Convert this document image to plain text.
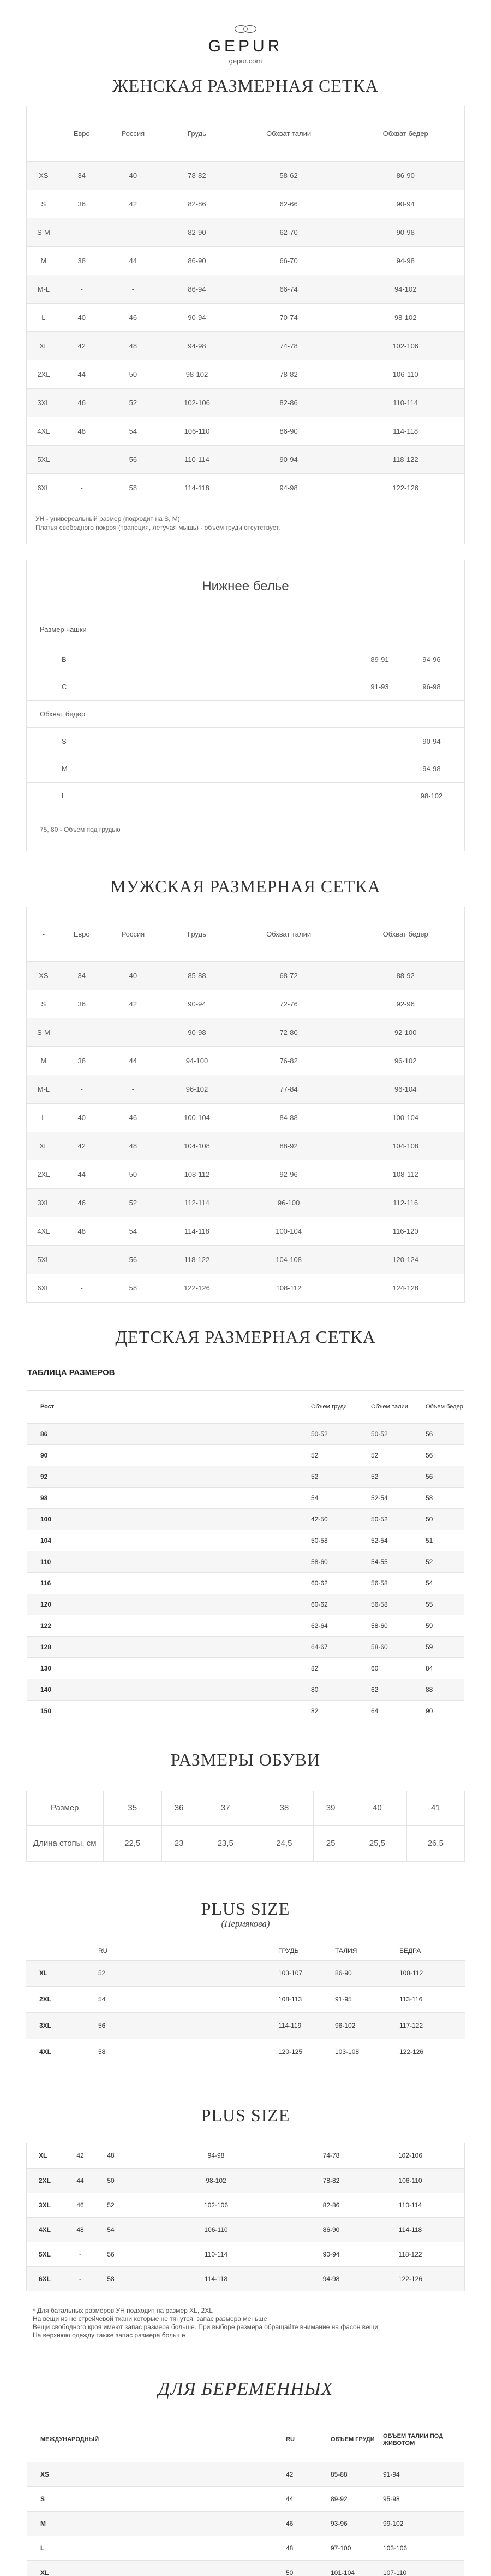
GEPUR
gepur.com
ЖЕНСКАЯ РАЗМЕРНАЯ СЕТКА
-	Евро	Россия	Грудь	Обхват талии	Обхват бедер
XS	34	40	78-82	58-62	86-90
S	36	42	82-86	62-66	90-94
S-M	-	-	82-90	62-70	90-98
M	38	44	86-90	66-70	94-98
M-L	-	-	86-94	66-74	94-102
L	40	46	90-94	70-74	98-102
XL	42	48	94-98	74-78	102-106
2XL	44	50	98-102	78-82	106-110
3XL	46	52	102-106	82-86	110-114
4XL	48	54	106-110	86-90	114-118
5XL	-	56	110-114	90-94	118-122
6XL	-	58	114-118	94-98	122-126
УН - универсальный размер (подходит на S, M)
Платья свободного покроя (трапеция, летучая мышь) - объем груди отсутствует.
Нижнее белье
Размер чашки		
B	89-91	94-96
C	91-93	96-98
Обхват бедер		
S		90-94
M		94-98
L		98-102
75, 80 - Объем под грудью
МУЖСКАЯ РАЗМЕРНАЯ СЕТКА
-	Евро	Россия	Грудь	Обхват талии	Обхват бедер
XS	34	40	85-88	68-72	88-92
S	36	42	90-94	72-76	92-96
S-M	-	-	90-98	72-80	92-100
M	38	44	94-100	76-82	96-102
M-L	-	-	96-102	77-84	96-104
L	40	46	100-104	84-88	100-104
XL	42	48	104-108	88-92	104-108
2XL	44	50	108-112	92-96	108-112
3XL	46	52	112-114	96-100	112-116
4XL	48	54	114-118	100-104	116-120
5XL	-	56	118-122	104-108	120-124
6XL	-	58	122-126	108-112	124-128
ДЕТСКАЯ РАЗМЕРНАЯ СЕТКА
ТАБЛИЦА РАЗМЕРОВ
Рост	Объем груди	Объем талии	Объем бедер
86	50-52	50-52	56
90	52	52	56
92	52	52	56
98	54	52-54	58
100	42-50	50-52	50
104	50-58	52-54	51
110	58-60	54-55	52
116	60-62	56-58	54
120	60-62	56-58	55
122	62-64	58-60	59
128	64-67	58-60	59
130	82	60	84
140	80	62	88
150	82	64	90
РАЗМЕРЫ ОБУВИ
Размер	35	36	37	38	39	40	41
Длина стопы, см	22,5	23	23,5	24,5	25	25,5	26,5
PLUS SIZE
(Пермякова)
	RU	ГРУДЬ	ТАЛИЯ	БЕДРА
XL	52	103-107	86-90	108-112
2XL	54	108-113	91-95	113-116
3XL	56	114-119	96-102	117-122
4XL	58	120-125	103-108	122-126
PLUS SIZE
XL	42	48	94-98	74-78	102-106
2XL	44	50	98-102	78-82	106-110
3XL	46	52	102-106	82-86	110-114
4XL	48	54	106-110	86-90	114-118
5XL	-	56	110-114	90-94	118-122
6XL	-	58	114-118	94-98	122-126
* Для батальных размеров УН подходит на размер XL, 2XL
На вещи из не стрейчевой ткани которые не тянутся, запас размера меньше
Вещи свободного кроя имеют запас размера больше. При выборе размера обращайте внимание на фасон вещи
На верхнюю одежду также запас размера больше
ДЛЯ БЕРЕМЕННЫХ
МЕЖДУНАРОДНЫЙ	RU	ОБЪЕМ ГРУДИ	ОБЪЕМ ТАЛИИ ПОД ЖИВОТОМ
XS	42	85-88	91-94
S	44	89-92	95-98
M	46	93-96	99-102
L	48	97-100	103-106
XL	50	101-104	107-110
